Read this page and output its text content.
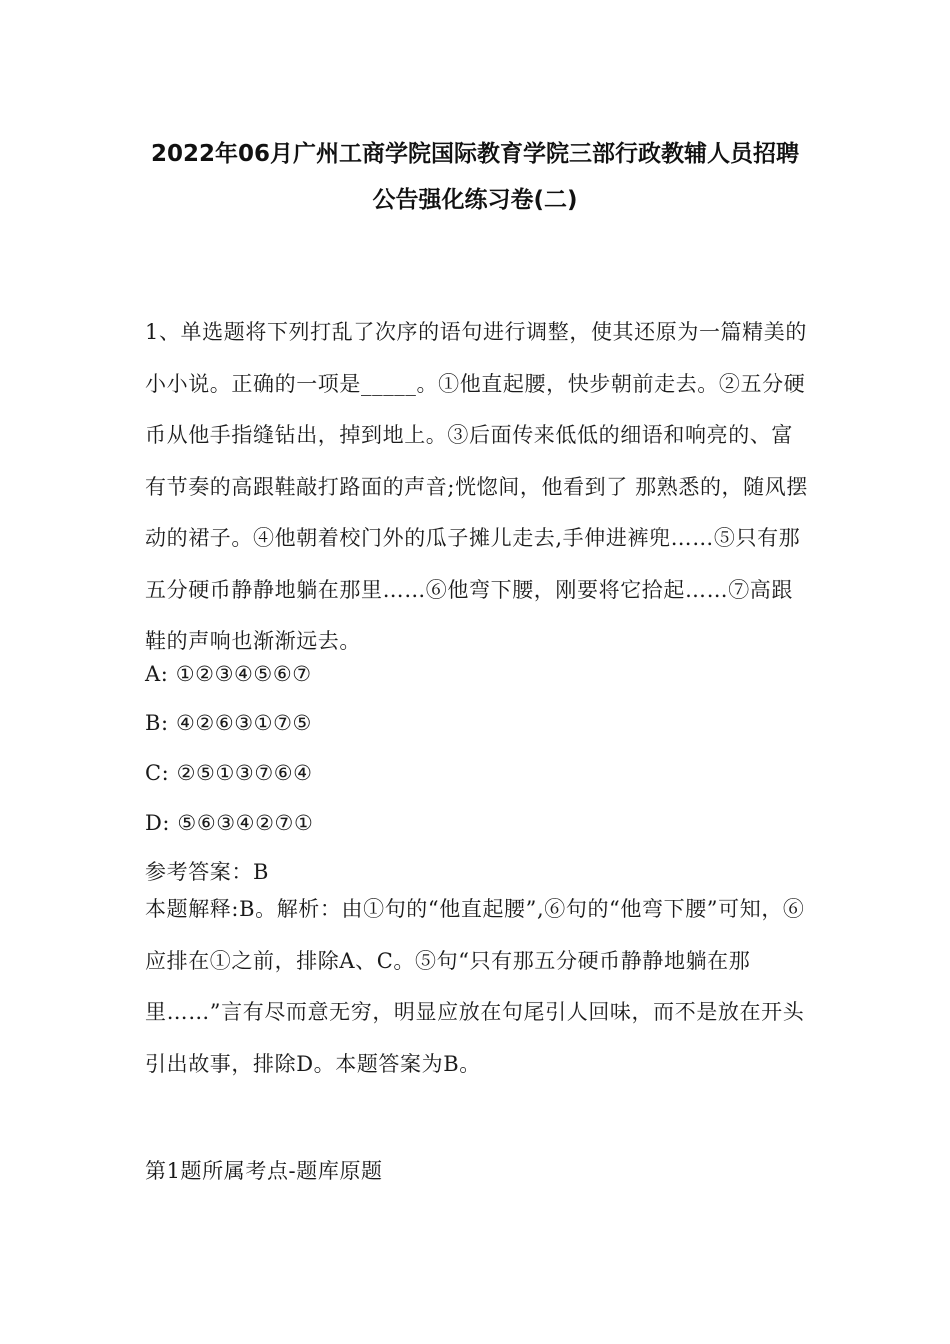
2022年06月广州工商学院国际教育学院三部行政教辅人员招聘
公告强化练习卷(二)
1、单选题将下列打乱了次序的语句进行调整，使其还原为一篇精美的小小说。正确的一项是_____。①他直起腰，快步朝前走去。②五分硬币从他手指缝钻出，掉到地上。③后面传来低低的细语和响亮的、富有节奏的高跟鞋敲打路面的声音;恍惚间，他看到了 那熟悉的，随风摆动的裙子。④他朝着校门外的瓜子摊儿走去,手伸进裤兜……⑤只有那五分硬币静静地躺在那里……⑥他弯下腰，刚要将它拾起……⑦高跟鞋的声响也渐渐远去。
A: ①②③④⑤⑥⑦
B: ④②⑥③①⑦⑤
C: ②⑤①③⑦⑥④
D: ⑤⑥③④②⑦①
参考答案：B
本题解释:B。解析：由①句的“他直起腰”,⑥句的“他弯下腰”可知，⑥应排在①之前，排除A、C。⑤句“只有那五分硬币静静地躺在那里……”言有尽而意无穷，明显应放在句尾引人回味，而不是放在开头引出故事，排除D。本题答案为B。
第1题所属考点-题库原题
